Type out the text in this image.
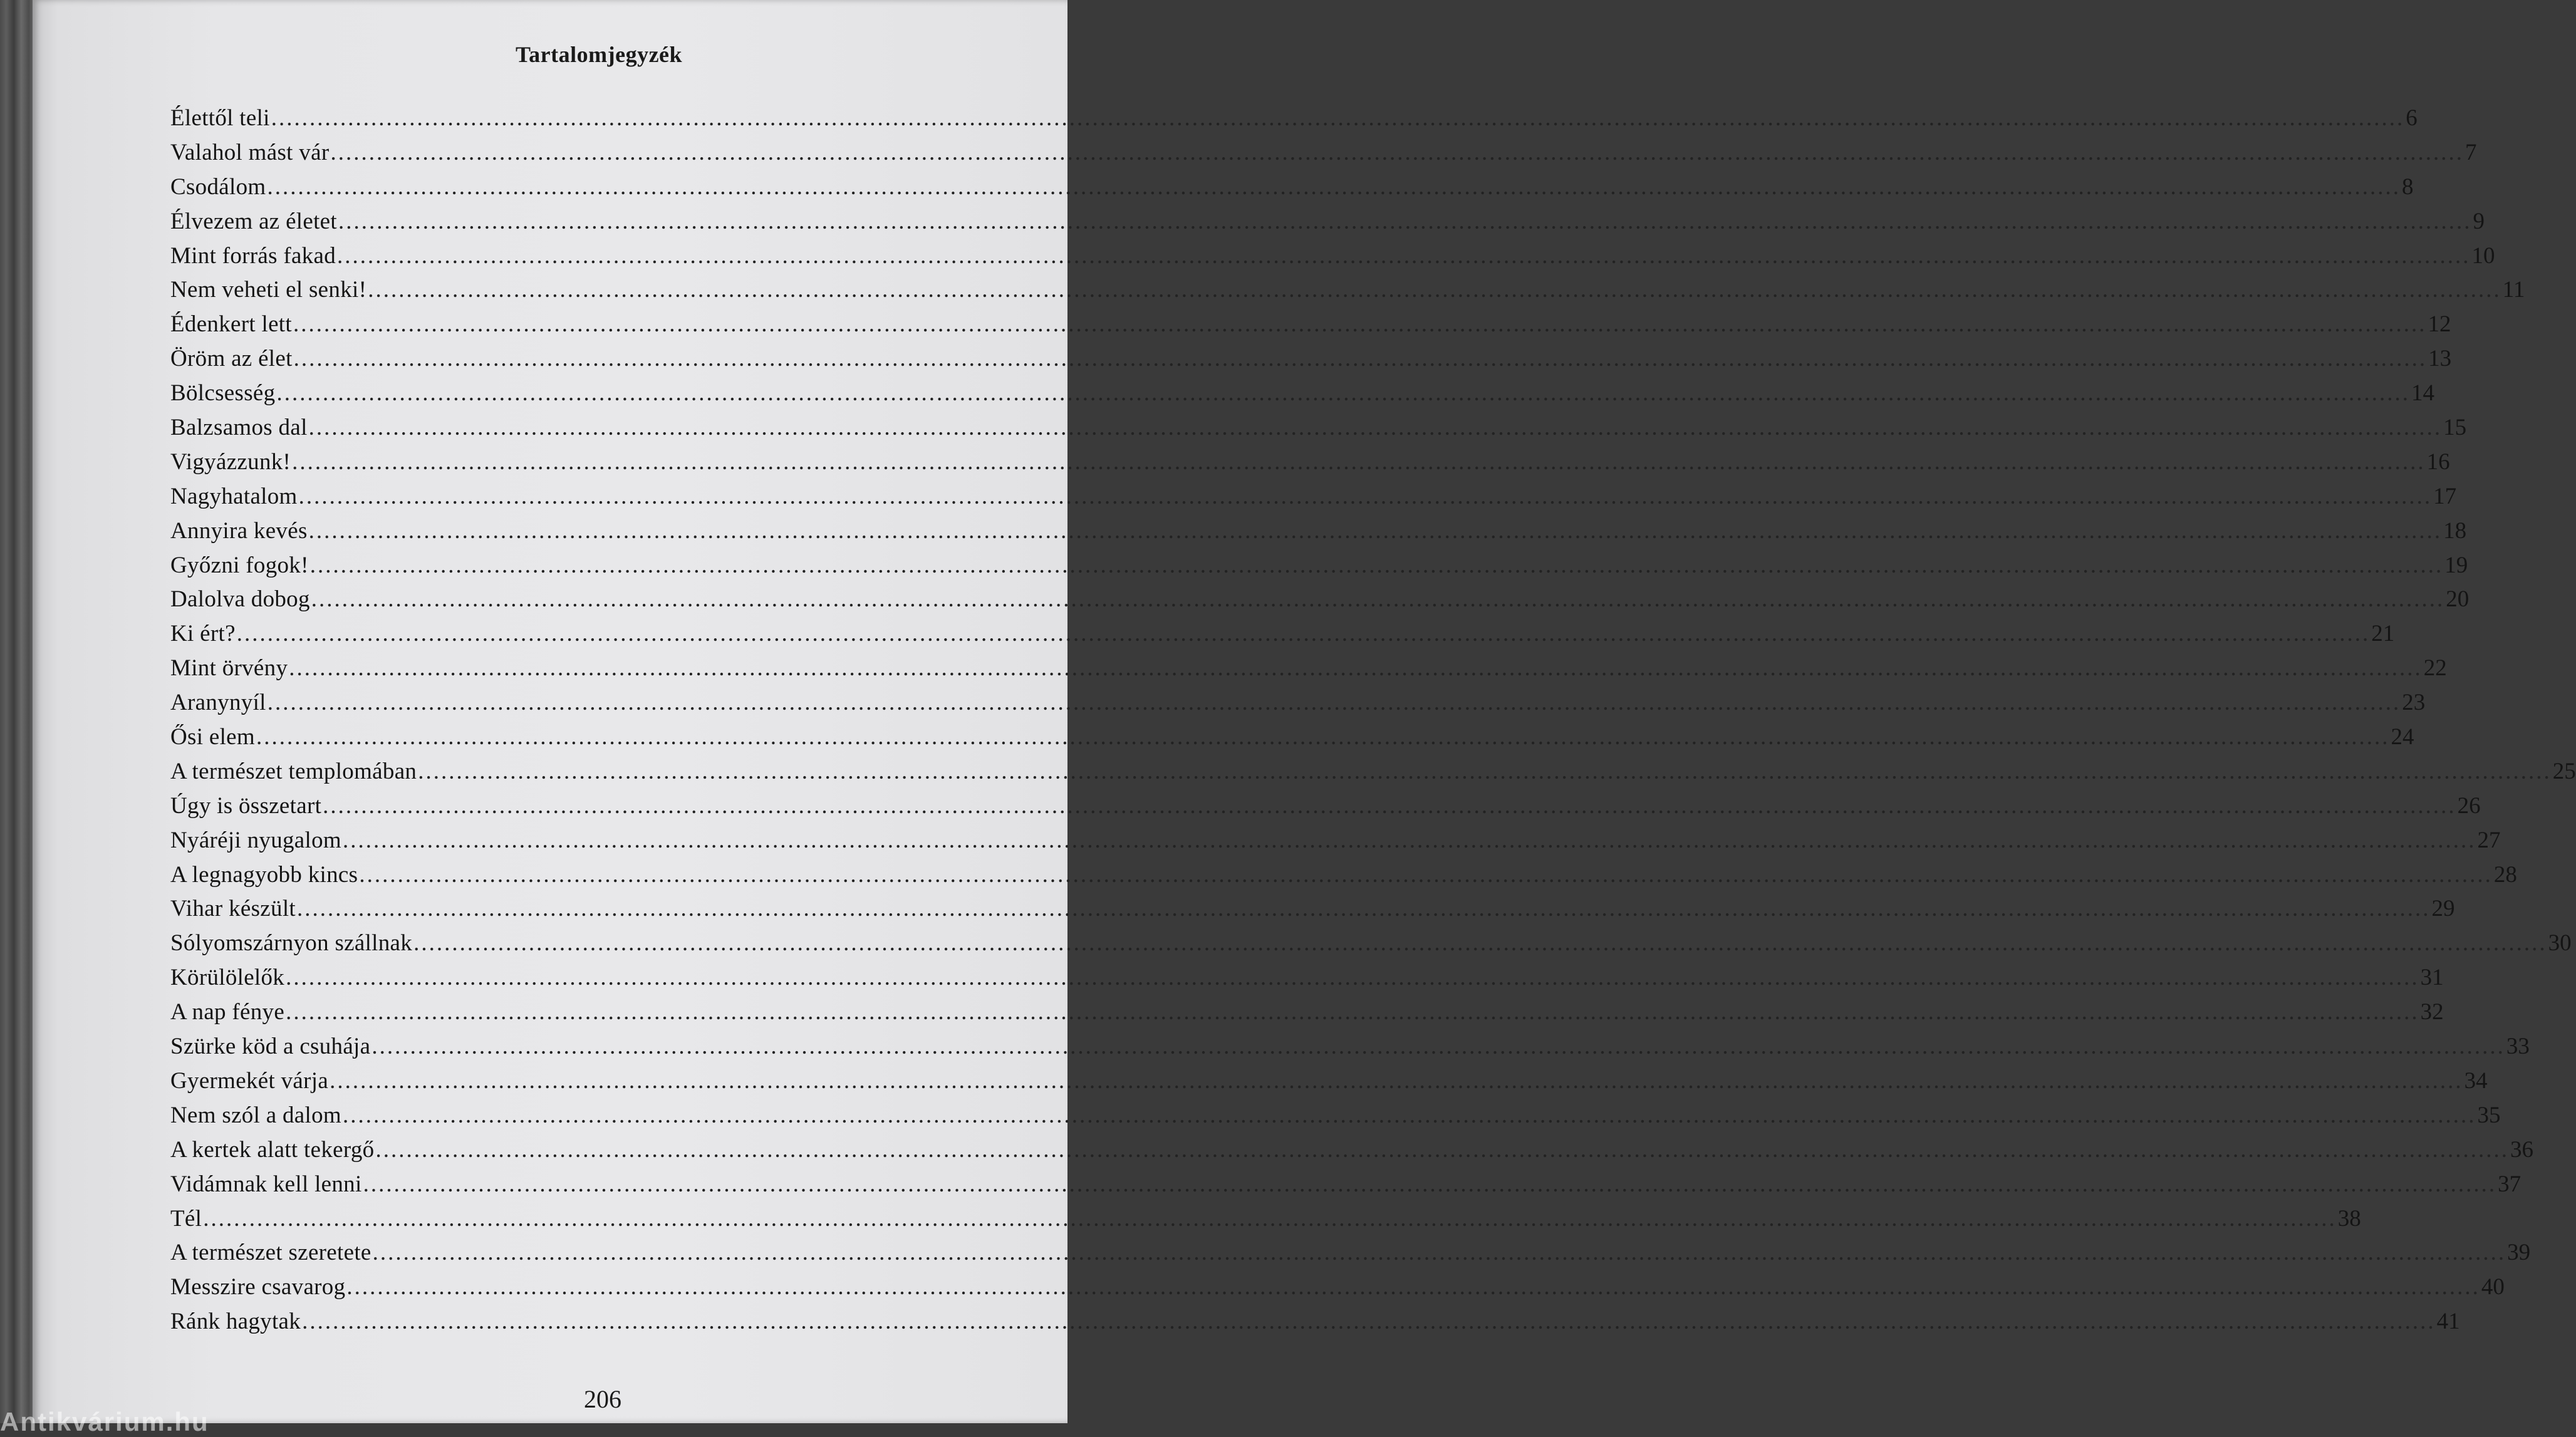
Tartalomjegyzék
Élettől teli .....	6
Valahol mást vár .....	7
Csodálom .....	8
Élvezem az életet .....	9
Mint forrás fakad .....	10
Nem veheti el senki! .....	11
Édenkert lett .....	12
Öröm az élet .....	13
Bölcsesség .....	14
Balzsamos dal .....	15
Vigyázzunk! .....	16
Nagyhatalom .....	17
Annyira kevés .....	18
Győzni fogok! .....	19
Dalolva dobog .....	20
Ki ért? .....	21
Mint örvény .....	22
Aranynyíl .....	23
Ősi elem .....	24
A természet templomában .....	25
Úgy is összetart .....	26
Nyáréji nyugalom .....	27
A legnagyobb kincs .....	28
Vihar készült .....	29
Sólyomszárnyon szállnak .....	30
Körülölelők .....	31
A nap fénye .....	32
Szürke köd a csuhája .....	33
Gyermekét várja .....	34
Nem szól a dalom .....	35
A kertek alatt tekergő .....	36
Vidámnak kell lenni .....	37
Tél .....	38
A természet szeretete .....	39
Messzire csavarog .....	40
Ránk hagytak .....	41
206
Antikvárium.hu
